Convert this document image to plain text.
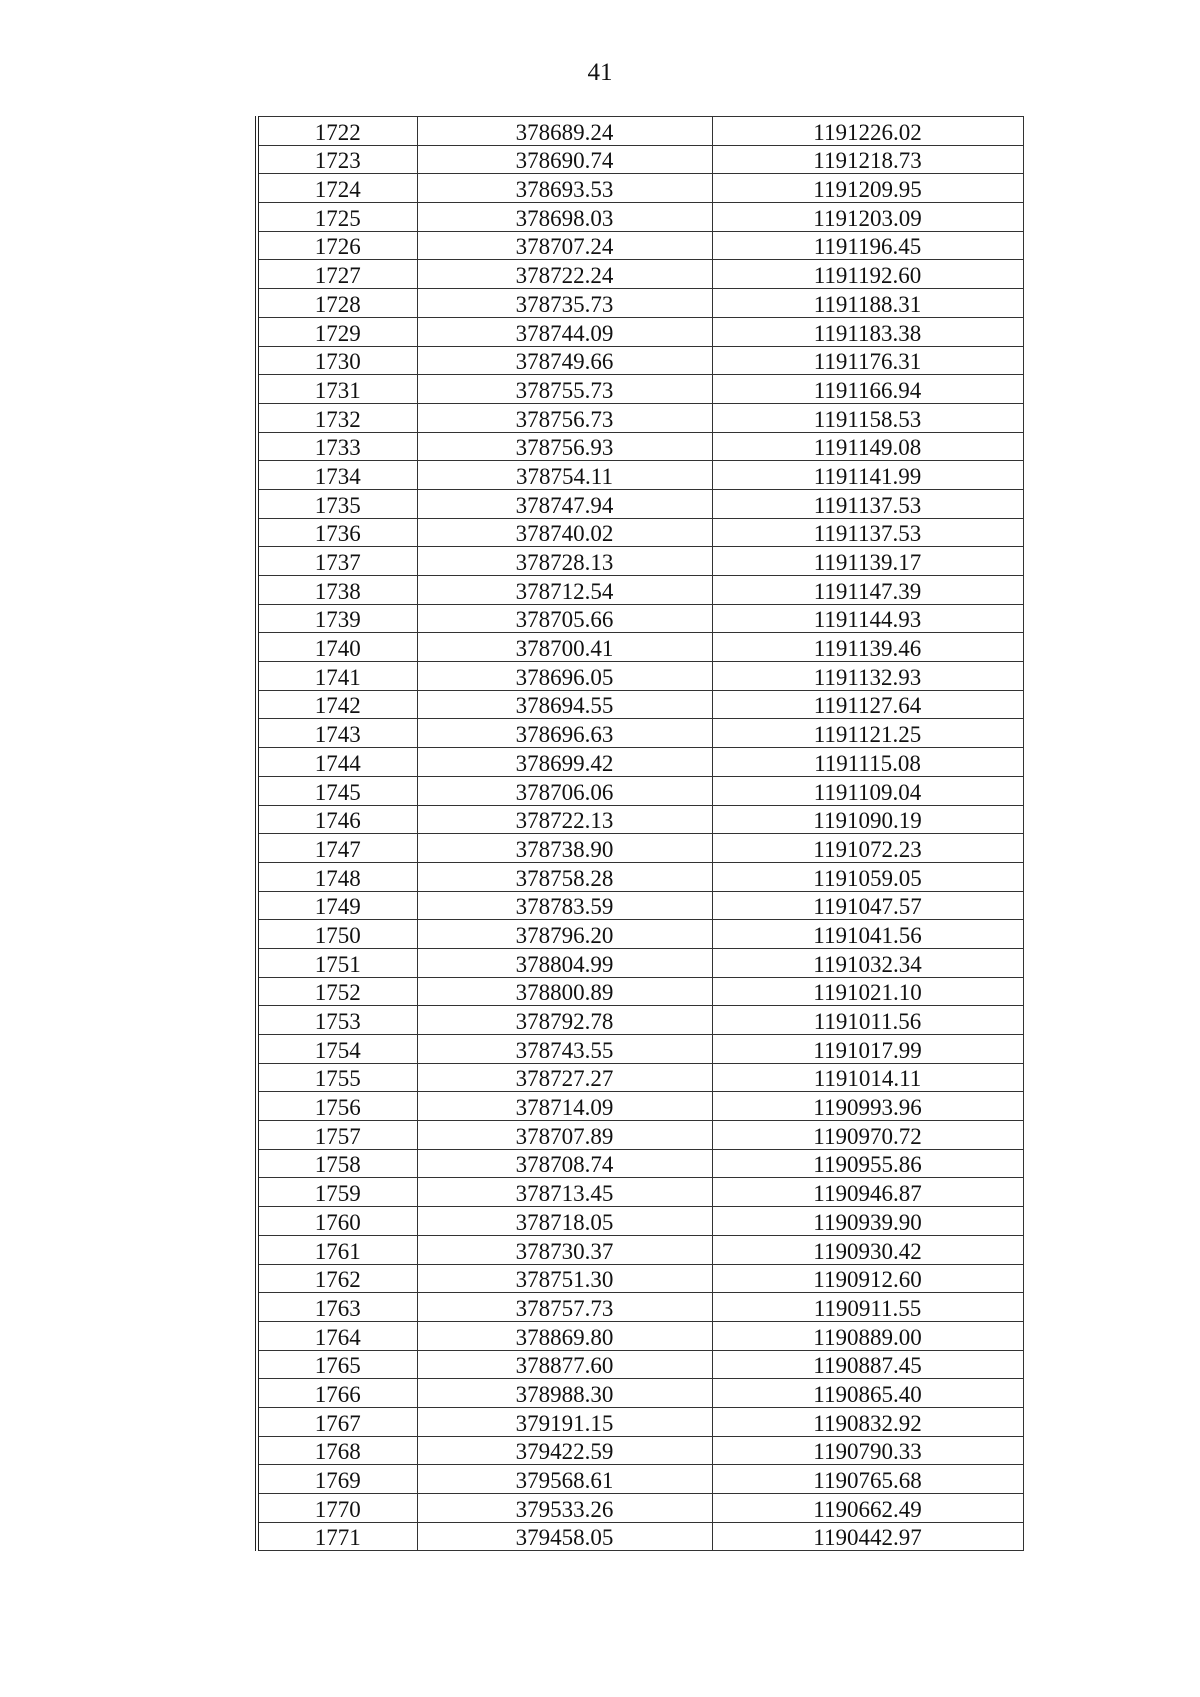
41
1722	378689.24	1191226.02
1723	378690.74	1191218.73
1724	378693.53	1191209.95
1725	378698.03	1191203.09
1726	378707.24	1191196.45
1727	378722.24	1191192.60
1728	378735.73	1191188.31
1729	378744.09	1191183.38
1730	378749.66	1191176.31
1731	378755.73	1191166.94
1732	378756.73	1191158.53
1733	378756.93	1191149.08
1734	378754.11	1191141.99
1735	378747.94	1191137.53
1736	378740.02	1191137.53
1737	378728.13	1191139.17
1738	378712.54	1191147.39
1739	378705.66	1191144.93
1740	378700.41	1191139.46
1741	378696.05	1191132.93
1742	378694.55	1191127.64
1743	378696.63	1191121.25
1744	378699.42	1191115.08
1745	378706.06	1191109.04
1746	378722.13	1191090.19
1747	378738.90	1191072.23
1748	378758.28	1191059.05
1749	378783.59	1191047.57
1750	378796.20	1191041.56
1751	378804.99	1191032.34
1752	378800.89	1191021.10
1753	378792.78	1191011.56
1754	378743.55	1191017.99
1755	378727.27	1191014.11
1756	378714.09	1190993.96
1757	378707.89	1190970.72
1758	378708.74	1190955.86
1759	378713.45	1190946.87
1760	378718.05	1190939.90
1761	378730.37	1190930.42
1762	378751.30	1190912.60
1763	378757.73	1190911.55
1764	378869.80	1190889.00
1765	378877.60	1190887.45
1766	378988.30	1190865.40
1767	379191.15	1190832.92
1768	379422.59	1190790.33
1769	379568.61	1190765.68
1770	379533.26	1190662.49
1771	379458.05	1190442.97
